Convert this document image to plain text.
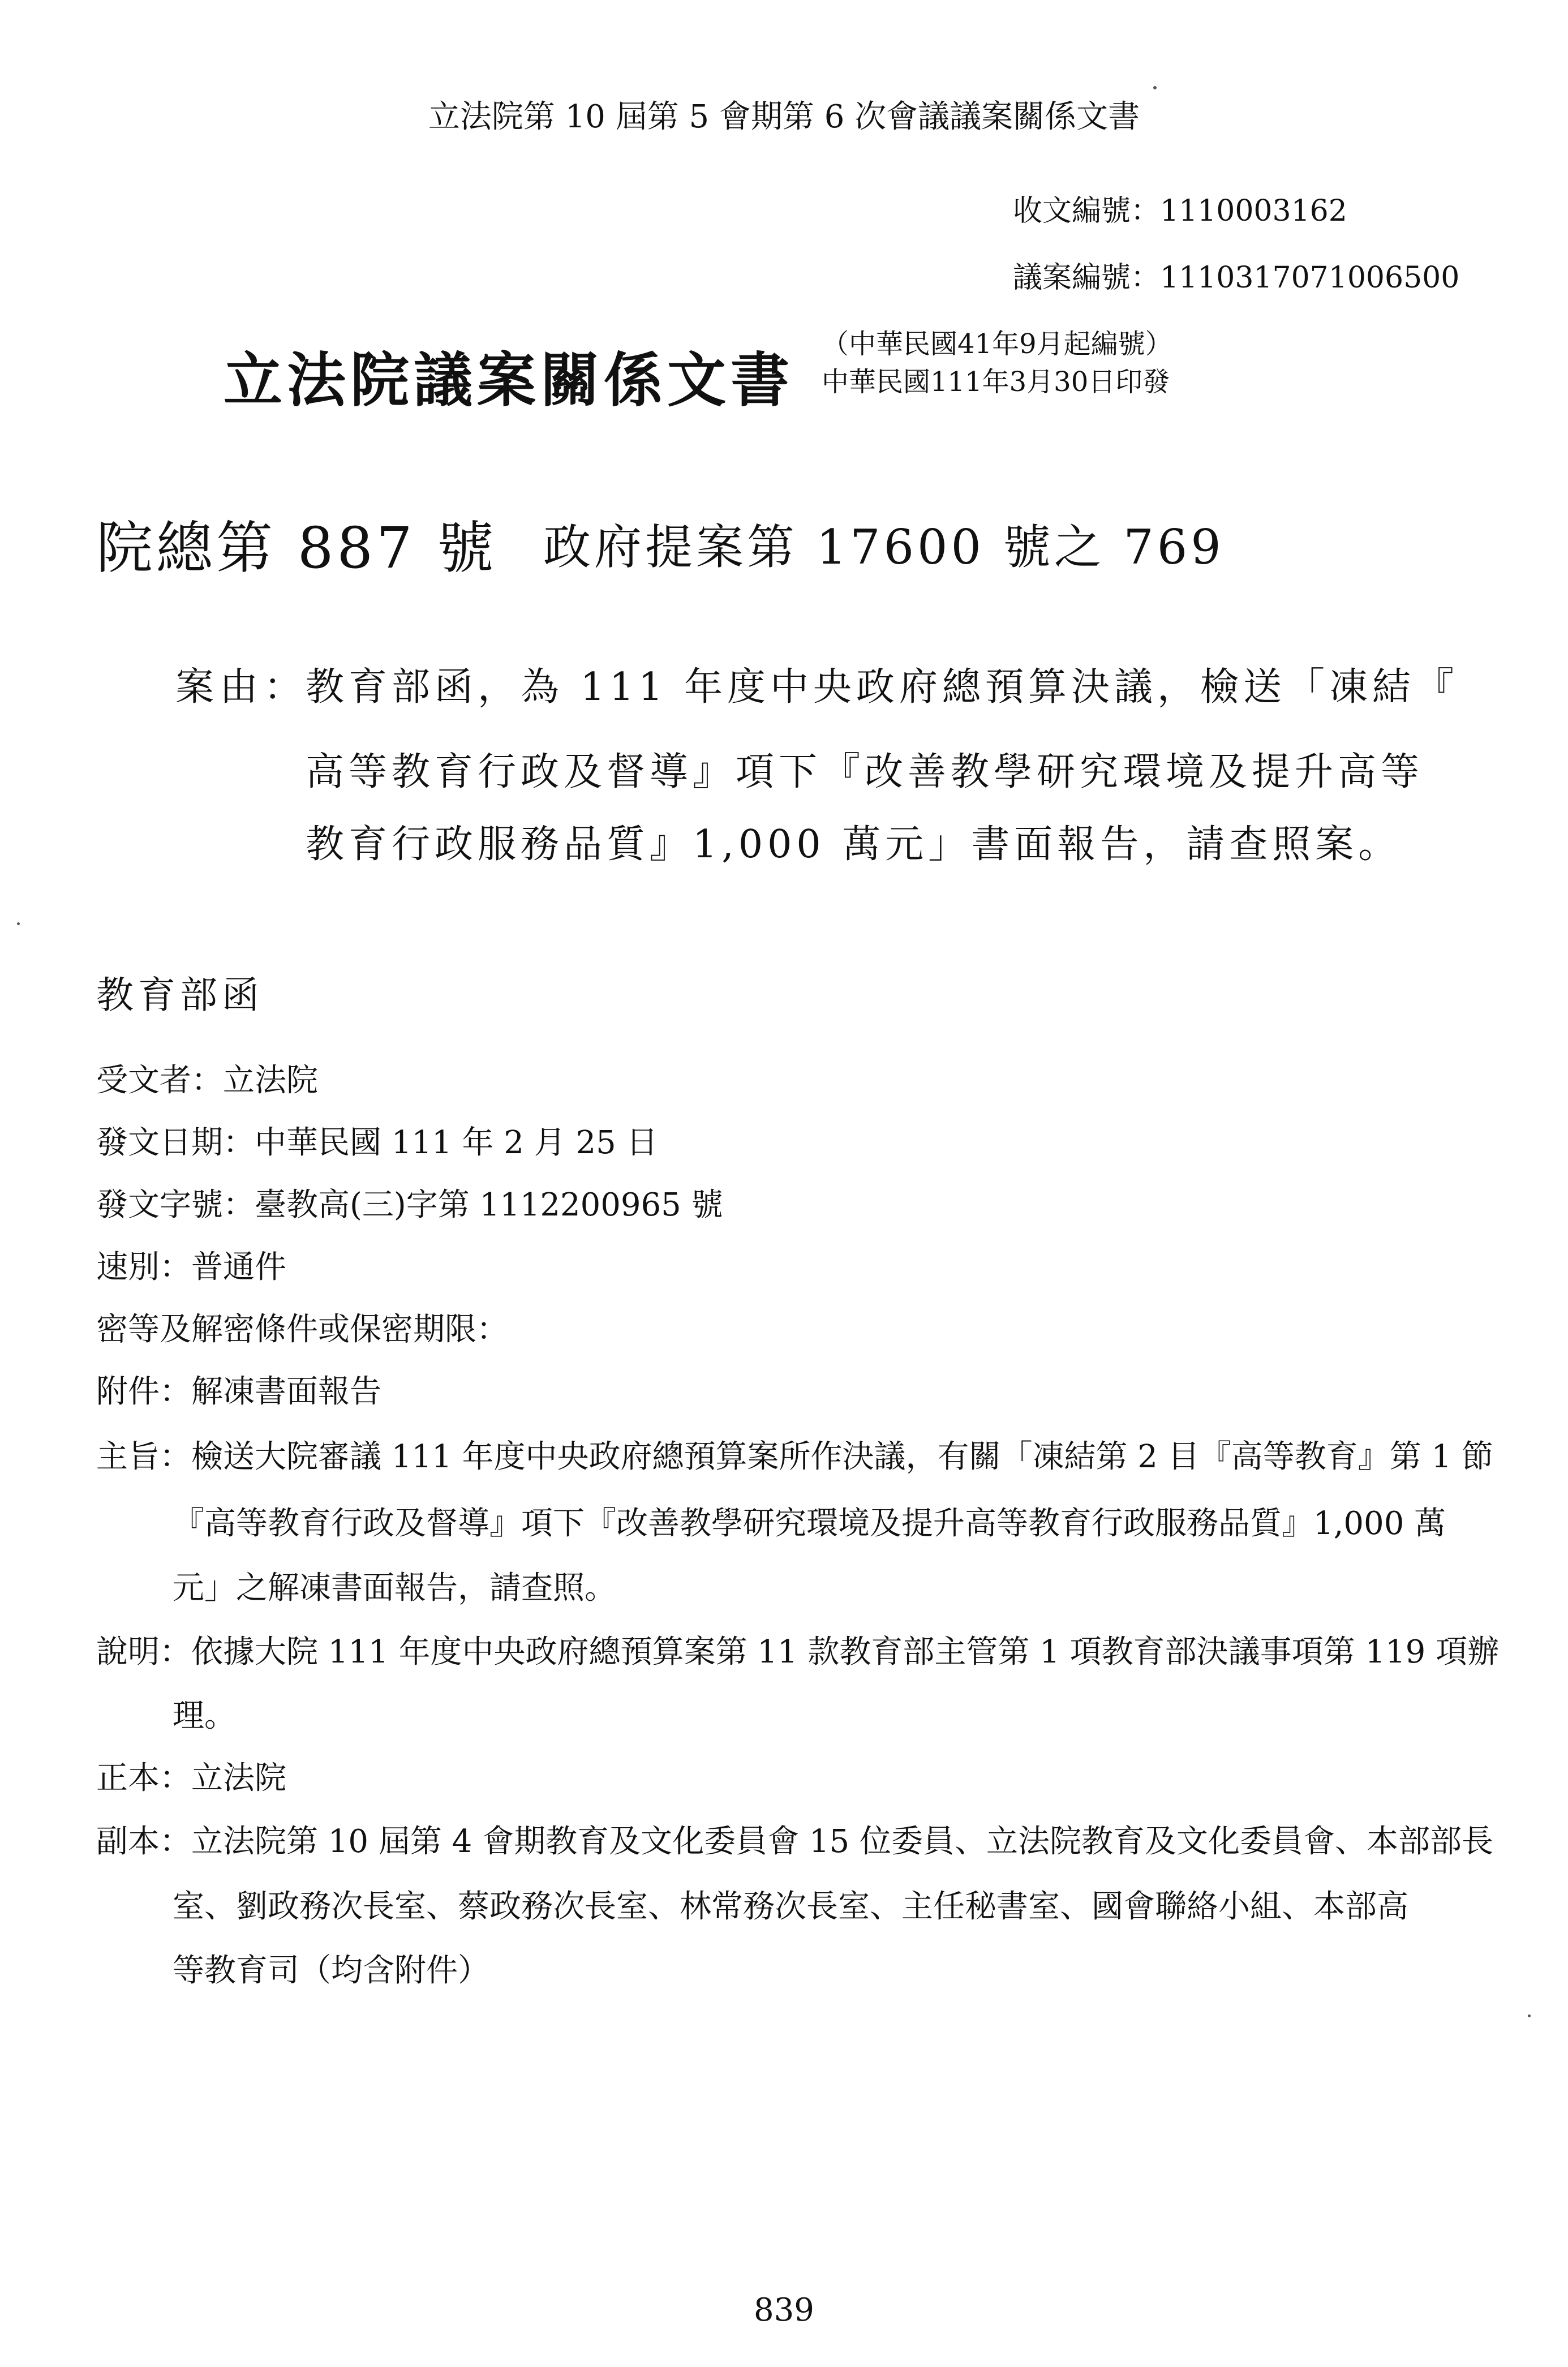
立法院第 10 屆第 5 會期第 6 次會議議案關係文書
收文編號：1110003162
議案編號：1110317071006500
立法院議案關係文書
（中華民國41年9月起編號）
中華民國111年3月30日印發
院總第 887 號 政府提案第 17600 號之 769
案由：
教育部函，為 111 年度中央政府總預算決議，檢送「凍結『
高等教育行政及督導』項下『改善教學研究環境及提升高等
教育行政服務品質』1,000 萬元」書面報告，請查照案。
教育部函
受文者：立法院
發文日期：中華民國 111 年 2 月 25 日
發文字號：臺教高(三)字第 1112200965 號
速別：普通件
密等及解密條件或保密期限：
附件：解凍書面報告
主旨：檢送大院審議 111 年度中央政府總預算案所作決議，有關「凍結第 2 目『高等教育』第 1 節
『高等教育行政及督導』項下『改善教學研究環境及提升高等教育行政服務品質』1,000 萬
元」之解凍書面報告，請查照。
說明：依據大院 111 年度中央政府總預算案第 11 款教育部主管第 1 項教育部決議事項第 119 項辦
理。
正本：立法院
副本：立法院第 10 屆第 4 會期教育及文化委員會 15 位委員、立法院教育及文化委員會、本部部長
室、劉政務次長室、蔡政務次長室、林常務次長室、主任秘書室、國會聯絡小組、本部高
等教育司（均含附件）
839
